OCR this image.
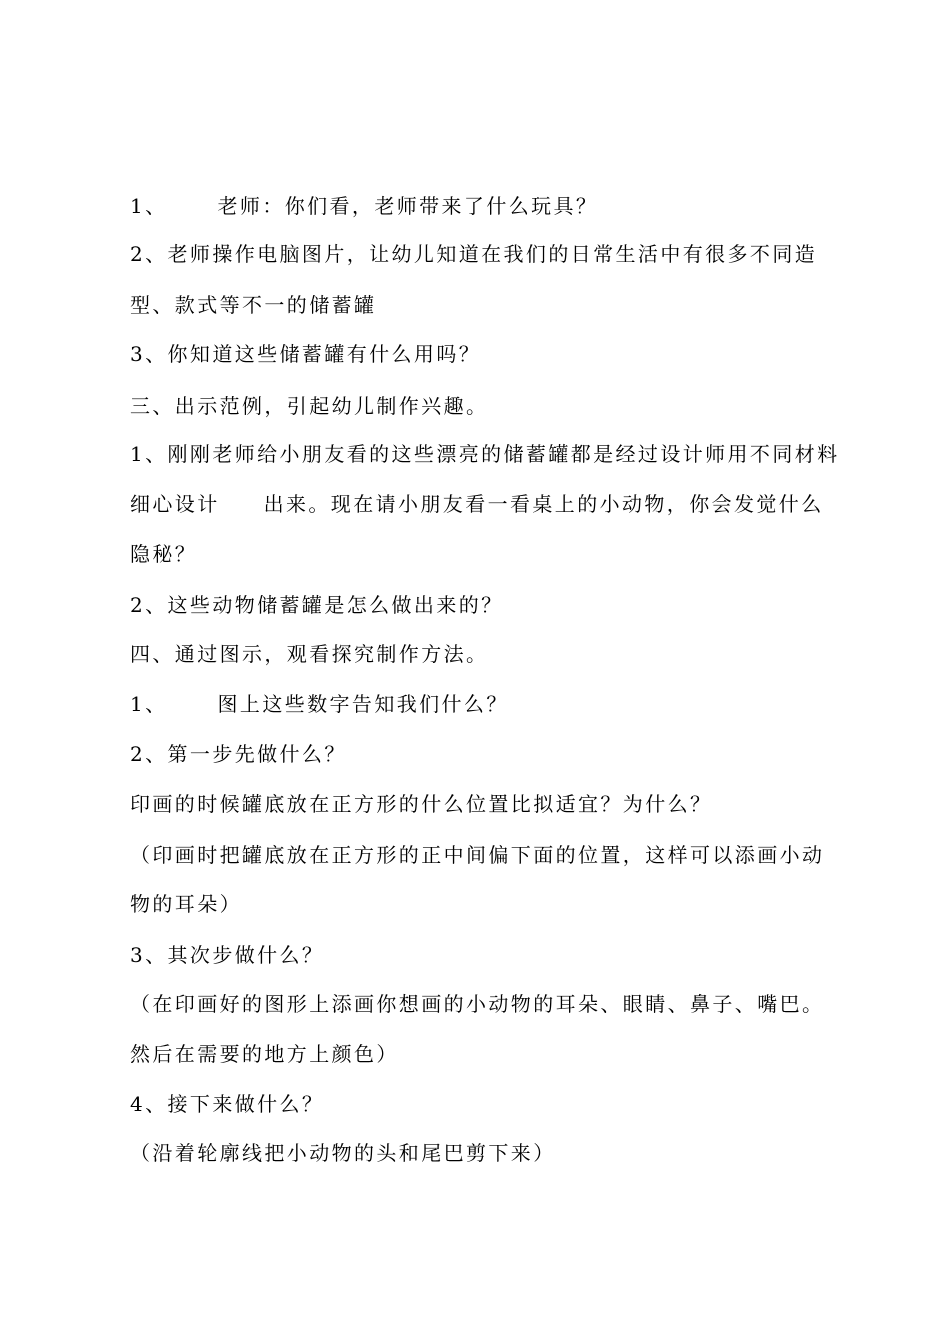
1、	老师：你们看，老师带来了什么玩具？
2、老师操作电脑图片，让幼儿知道在我们的日常生活中有很多不同造
型、款式等不一的储蓄罐
3、你知道这些储蓄罐有什么用吗？
三、出示范例，引起幼儿制作兴趣。
1、刚刚老师给小朋友看的这些漂亮的储蓄罐都是经过设计师用不同材料
细心设计 出来。现在请小朋友看一看桌上的小动物，你会发觉什么
隐秘？
2、这些动物储蓄罐是怎么做出来的？
四、通过图示，观看探究制作方法。
1、	图上这些数字告知我们什么？
2、第一步先做什么？
印画的时候罐底放在正方形的什么位置比拟适宜？为什么？
（印画时把罐底放在正方形的正中间偏下面的位置，这样可以添画小动
物的耳朵）
3、其次步做什么？
（在印画好的图形上添画你想画的小动物的耳朵、眼睛、鼻子、嘴巴。
然后在需要的地方上颜色）
4、接下来做什么？
（沿着轮廓线把小动物的头和尾巴剪下来）
